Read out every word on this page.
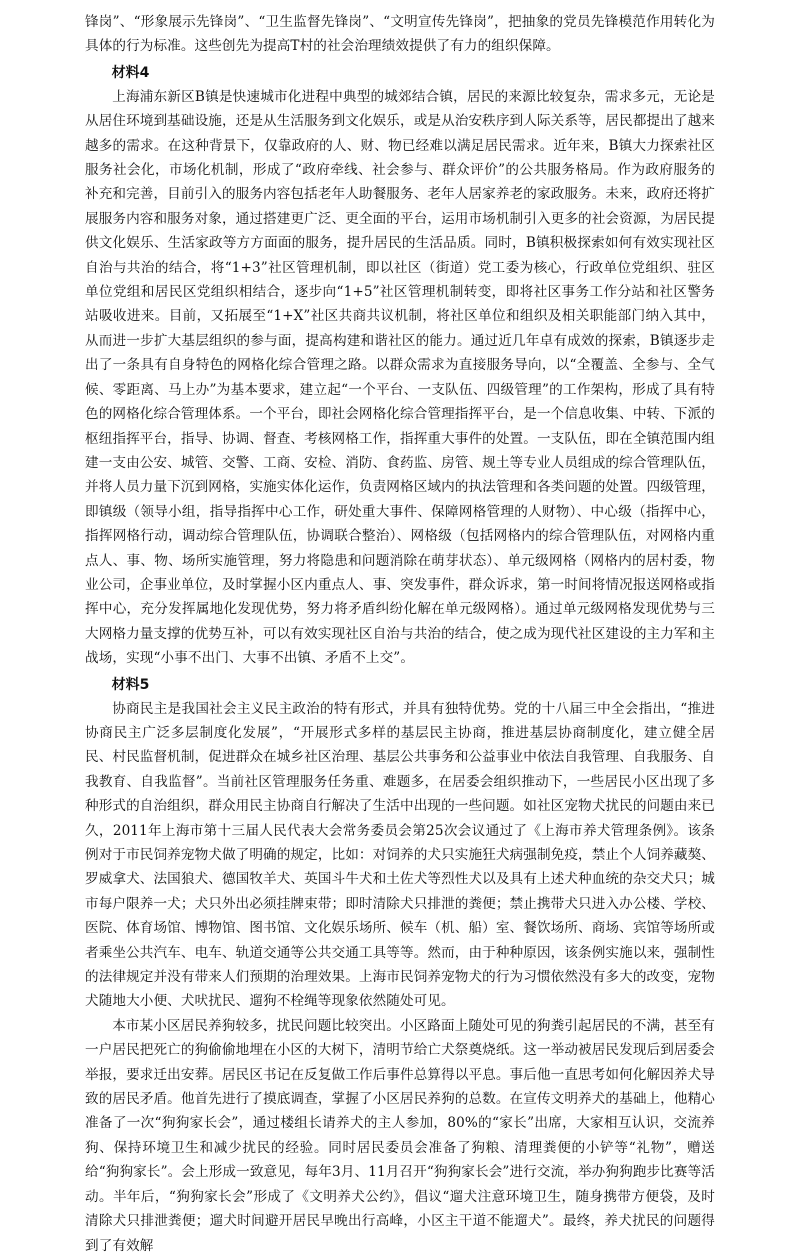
锋岗”、“形象展示先锋岗”、“卫生监督先锋岗”、“文明宣传先锋岗”，把抽象的党员先锋模范作用转化为具体的行为标准。这些创先为提高T村的社会治理绩效提供了有力的组织保障。

材料4

上海浦东新区B镇是快速城市化进程中典型的城郊结合镇，居民的来源比较复杂，需求多元，无论是从居住环境到基础设施，还是从生活服务到文化娱乐，或是从治安秩序到人际关系等，居民都提出了越来越多的需求。在这种背景下，仅靠政府的人、财、物已经难以满足居民需求。近年来，B镇大力探索社区服务社会化，市场化机制，形成了“政府牵线、社会参与、群众评价”的公共服务格局。作为政府服务的补充和完善，目前引入的服务内容包括老年人助餐服务、老年人居家养老的家政服务。未来，政府还将扩展服务内容和服务对象，通过搭建更广泛、更全面的平台，运用市场机制引入更多的社会资源，为居民提供文化娱乐、生活家政等方方面面的服务，提升居民的生活品质。同时，B镇积极探索如何有效实现社区自治与共治的结合，将“1+3”社区管理机制，即以社区（街道）党工委为核心，行政单位党组织、驻区单位党组和居民区党组织相结合，逐步向“1+5”社区管理机制转变，即将社区事务工作分站和社区警务站吸收进来。目前，又拓展至“1+X”社区共商共议机制，将社区单位和组织及相关职能部门纳入其中，从而进一步扩大基层组织的参与面，提高构建和谐社区的能力。通过近几年卓有成效的探索，B镇逐步走出了一条具有自身特色的网格化综合管理之路。以群众需求为直接服务导向，以“全覆盖、全参与、全气候、零距离、马上办”为基本要求，建立起“一个平台、一支队伍、四级管理”的工作架构，形成了具有特色的网格化综合管理体系。一个平台，即社会网格化综合管理指挥平台，是一个信息收集、中转、下派的枢纽指挥平台，指导、协调、督查、考核网格工作，指挥重大事件的处置。一支队伍，即在全镇范围内组建一支由公安、城管、交警、工商、安检、消防、食药监、房管、规土等专业人员组成的综合管理队伍，并将人员力量下沉到网格，实施实体化运作，负责网格区域内的执法管理和各类问题的处置。四级管理，即镇级（领导小组，指导指挥中心工作，研处重大事件、保障网格管理的人财物）、中心级（指挥中心，指挥网格行动，调动综合管理队伍，协调联合整治）、网格级（包括网格内的综合管理队伍，对网格内重点人、事、物、场所实施管理，努力将隐患和问题消除在萌芽状态）、单元级网格（网格内的居村委，物业公司，企事业单位，及时掌握小区内重点人、事、突发事件，群众诉求，第一时间将情况报送网格或指挥中心，充分发挥属地化发现优势，努力将矛盾纠纷化解在单元级网格）。通过单元级网格发现优势与三大网格力量支撑的优势互补，可以有效实现社区自治与共治的结合，使之成为现代社区建设的主力军和主战场，实现“小事不出门、大事不出镇、矛盾不上交”。

材料5

协商民主是我国社会主义民主政治的特有形式，并具有独特优势。党的十八届三中全会指出，“推进协商民主广泛多层制度化发展”，“开展形式多样的基层民主协商，推进基层协商制度化，建立健全居民、村民监督机制，促进群众在城乡社区治理、基层公共事务和公益事业中依法自我管理、自我服务、自我教育、自我监督”。当前社区管理服务任务重、难题多，在居委会组织推动下，一些居民小区出现了多种形式的自治组织，群众用民主协商自行解决了生活中出现的一些问题。如社区宠物犬扰民的问题由来已久，2011年上海市第十三届人民代表大会常务委员会第25次会议通过了《上海市养犬管理条例》。该条例对于市民饲养宠物犬做了明确的规定，比如：对饲养的犬只实施狂犬病强制免疫，禁止个人饲养藏獒、罗威拿犬、法国狼犬、德国牧羊犬、英国斗牛犬和土佐犬等烈性犬以及具有上述犬种血统的杂交犬只；城市每户限养一犬；犬只外出必须挂牌束带；即时清除犬只排泄的粪便；禁止携带犬只进入办公楼、学校、医院、体育场馆、博物馆、图书馆、文化娱乐场所、候车（机、船）室、餐饮场所、商场、宾馆等场所或者乘坐公共汽车、电车、轨道交通等公共交通工具等等。然而，由于种种原因，该条例实施以来，强制性的法律规定并没有带来人们预期的治理效果。上海市民饲养宠物犬的行为习惯依然没有多大的改变，宠物犬随地大小便、犬吠扰民、遛狗不栓绳等现象依然随处可见。

本市某小区居民养狗较多，扰民问题比较突出。小区路面上随处可见的狗粪引起居民的不满，甚至有一户居民把死亡的狗偷偷地埋在小区的大树下，清明节给亡犬祭奠烧纸。这一举动被居民发现后到居委会举报，要求迁出安葬。居民区书记在反复做工作后事件总算得以平息。事后他一直思考如何化解因养犬导致的居民矛盾。他首先进行了摸底调查，掌握了小区居民养狗的总数。在宣传文明养犬的基础上，他精心准备了一次“狗狗家长会”，通过楼组长请养犬的主人参加，80%的“家长”出席，大家相互认识，交流养狗、保持环境卫生和减少扰民的经验。同时居民委员会准备了狗粮、清理粪便的小铲等“礼物”，赠送给“狗狗家长”。会上形成一致意见，每年3月、11月召开“狗狗家长会”进行交流，举办狗狗跑步比赛等活动。半年后，“狗狗家长会”形成了《文明养犬公约》，倡议“遛犬注意环境卫生，随身携带方便袋，及时清除犬只排泄粪便；遛犬时间避开居民早晚出行高峰，小区主干道不能遛犬”。最终，养犬扰民的问题得到了有效解
